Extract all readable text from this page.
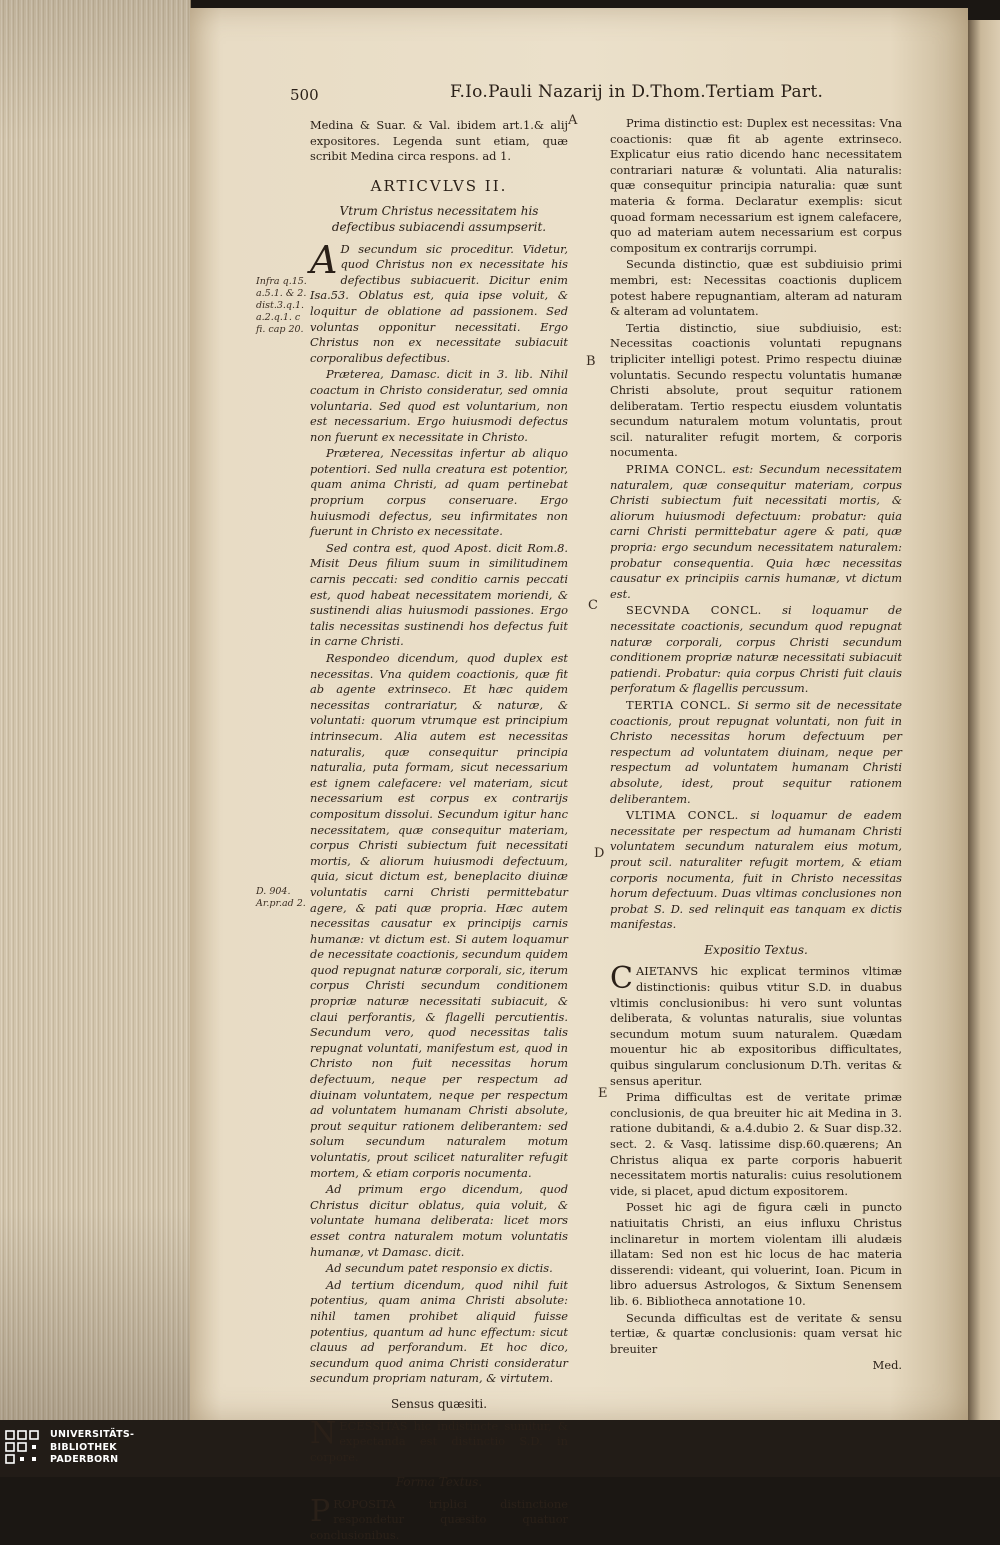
500	F.Io.Pauli Nazarij in D.Thom.Tertiam Part.
Infra q.15. a.5.1. & 2. dist.3.q.1. a.2.q.1. c fi. cap 20.
D. 904. Ar.pr.ad 2.
A
B
C
D
E

Medina & Suar. & Val. ibidem art.1.& alij expositores. Legenda sunt etiam, quæ scribit Medina circa respons. ad 1.

ARTICVLVS II.

Vtrum Christus necessitatem his defectibus subiacendi assumpserit.

A D secundum sic proceditur. Videtur, quod Christus non ex necessitate his defectibus subiacuerit. Dicitur enim Isa.53. Oblatus est, quia ipse voluit, & loquitur de oblatione ad passionem. Sed voluntas opponitur necessitati. Ergo Christus non ex necessitate subiacuit corporalibus defectibus.

Præterea, Damasc. dicit in 3. lib. Nihil coactum in Christo consideratur, sed omnia voluntaria. Sed quod est voluntarium, non est necessarium. Ergo huiusmodi defectus non fuerunt ex necessitate in Christo.

Præterea, Necessitas infertur ab aliquo potentiori. Sed nulla creatura est potentior, quam anima Christi, ad quam pertinebat proprium corpus conseruare. Ergo huiusmodi defectus, seu infirmitates non fuerunt in Christo ex necessitate.

Sed contra est, quod Apost. dicit Rom.8. Misit Deus filium suum in similitudinem carnis peccati: sed conditio carnis peccati est, quod habeat necessitatem moriendi, & sustinendi alias huiusmodi passiones. Ergo talis necessitas sustinendi hos defectus fuit in carne Christi.

Respondeo dicendum, quod duplex est necessitas. Vna quidem coactionis, quæ fit ab agente extrinseco. Et hæc quidem necessitas contrariatur, & naturæ, & voluntati: quorum vtrumque est principium intrinsecum. Alia autem est necessitas naturalis, quæ consequitur principia naturalia, puta formam, sicut necessarium est ignem calefacere: vel materiam, sicut necessarium est corpus ex contrarijs compositum dissolui. Secundum igitur hanc necessitatem, quæ consequitur materiam, corpus Christi subiectum fuit necessitati mortis, & aliorum huiusmodi defectuum, quia, sicut dictum est, beneplacito diuinæ voluntatis carni Christi permittebatur agere, & pati quæ propria. Hæc autem necessitas causatur ex principijs carnis humanæ: vt dictum est. Si autem loquamur de necessitate coactionis, secundum quidem quod repugnat naturæ corporali, sic, iterum corpus Christi secundum conditionem propriæ naturæ necessitati subiacuit, & claui perforantis, & flagelli percutientis. Secundum vero, quod necessitas talis repugnat voluntati, manifestum est, quod in Christo non fuit necessitas horum defectuum, neque per respectum ad diuinam voluntatem, neque per respectum ad voluntatem humanam Christi absolute, prout sequitur rationem deliberantem: sed solum secundum naturalem motum voluntatis, prout scilicet naturaliter refugit mortem, & etiam corporis nocumenta.

Ad primum ergo dicendum, quod Christus dicitur oblatus, quia voluit, & voluntate humana deliberata: licet mors esset contra naturalem motum voluntatis humanæ, vt Damasc. dicit.

Ad secundum patet responsio ex dictis.

Ad tertium dicendum, quod nihil fuit potentius, quam anima Christi absolute: nihil tamen prohibet aliquid fuisse potentius, quantum ad hunc effectum: sicut clauus ad perforandum. Et hoc dico, secundum quod anima Christi consideratur secundum propriam naturam, & virtutem.

Sensus quæsiti.

NECESSITAS hic indistincte sumitur, & expectanda est distinctio S.D. in corpore.

Forma Textus.

PROPOSITA triplici distinctione respondetur quæsito quatuor conclusionibus.

Prima distinctio est: Duplex est necessitas: Vna coactionis: quæ fit ab agente extrinseco. Explicatur eius ratio dicendo hanc necessitatem contrariari naturæ & voluntati. Alia naturalis: quæ consequitur principia naturalia: quæ sunt materia & forma. Declaratur exemplis: sicut quoad formam necessarium est ignem calefacere, quo ad materiam autem necessarium est corpus compositum ex contrarijs corrumpi.

Secunda distinctio, quæ est subdiuisio primi membri, est: Necessitas coactionis duplicem potest habere repugnantiam, alteram ad naturam & alteram ad voluntatem.

Tertia distinctio, siue subdiuisio, est: Necessitas coactionis voluntati repugnans tripliciter intelligi potest. Primo respectu diuinæ voluntatis. Secundo respectu voluntatis humanæ Christi absolute, prout sequitur rationem deliberatam. Tertio respectu eiusdem voluntatis secundum naturalem motum voluntatis, prout scil. naturaliter refugit mortem, & corporis nocumenta.

PRIMA CONCL. est: Secundum necessitatem naturalem, quæ consequitur materiam, corpus Christi subiectum fuit necessitati mortis, & aliorum huiusmodi defectuum: probatur: quia carni Christi permittebatur agere & pati, quæ propria: ergo secundum necessitatem naturalem: probatur consequentia. Quia hæc necessitas causatur ex principiis carnis humanæ, vt dictum est.

SECVNDA CONCL. si loquamur de necessitate coactionis, secundum quod repugnat naturæ corporali, corpus Christi secundum conditionem propriæ naturæ necessitati subiacuit patiendi. Probatur: quia corpus Christi fuit clauis perforatum & flagellis percussum.

TERTIA CONCL. Si sermo sit de necessitate coactionis, prout repugnat voluntati, non fuit in Christo necessitas horum defectuum per respectum ad voluntatem diuinam, neque per respectum ad voluntatem humanam Christi absolute, idest, prout sequitur rationem deliberantem.

VLTIMA CONCL. si loquamur de eadem necessitate per respectum ad humanam Christi voluntatem secundum naturalem eius motum, prout scil. naturaliter refugit mortem, & etiam corporis nocumenta, fuit in Christo necessitas horum defectuum. Duas vltimas conclusiones non probat S. D. sed relinquit eas tanquam ex dictis manifestas.

Expositio Textus.

CAIETANVS hic explicat terminos vltimæ distinctionis: quibus vtitur S.D. in duabus vltimis conclusionibus: hi vero sunt voluntas deliberata, & voluntas naturalis, siue voluntas secundum motum suum naturalem. Quædam mouentur hic ab expositoribus difficultates, quibus singularum conclusionum D.Th. veritas & sensus aperitur.

Prima difficultas est de veritate primæ conclusionis, de qua breuiter hic ait Medina in 3. ratione dubitandi, & a.4.dubio 2. & Suar disp.32. sect. 2. & Vasq. latissime disp.60.quærens; An Christus aliqua ex parte corporis habuerit necessitatem mortis naturalis: cuius resolutionem vide, si placet, apud dictum expositorem.

Posset hic agi de figura cæli in puncto natiuitatis Christi, an eius influxu Christus inclinaretur in mortem violentam illi aludæis illatam: Sed non est hic locus de hac materia disserendi: videant, qui voluerint, Ioan. Picum in libro aduersus Astrologos, & Sixtum Senensem lib. 6. Bibliotheca annotatione 10.

Secunda difficultas est de veritate & sensu tertiæ, & quartæ conclusionis: quam versat hic breuiter

Med.

UNIVERSITÄTS-
BIBLIOTHEK
PADERBORN
